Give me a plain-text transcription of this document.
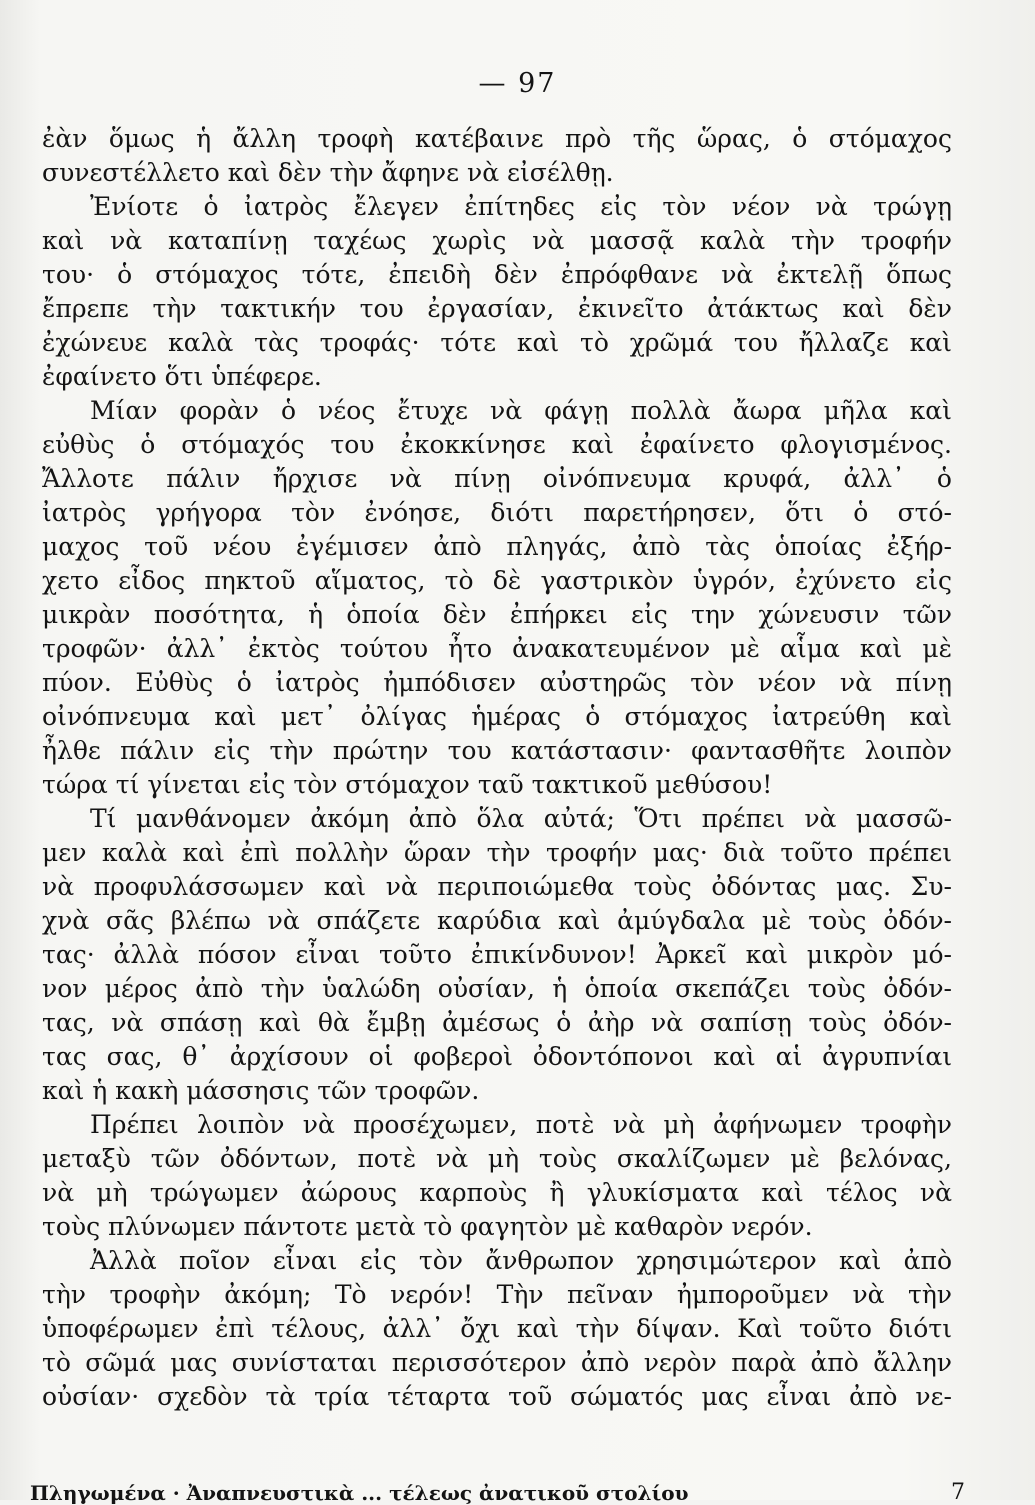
— 97
ἐὰν ὅμως ἡ ἄλλη τροφὴ κατέβαινε πρὸ τῆς ὥρας, ὁ στόμαχος
συνεστέλλετο καὶ δὲν τὴν ἄφηνε νὰ εἰσέλθῃ.
Ἐνίοτε ὁ ἰατρὸς ἔλεγεν ἐπίτηδες εἰς τὸν νέον νὰ τρώγῃ
καὶ νὰ καταπίνῃ ταχέως χωρὶς νὰ μασσᾷ καλὰ τὴν τροφήν
του· ὁ στόμαχος τότε, ἐπειδὴ δὲν ἐπρόφθανε νὰ ἐκτελῇ ὅπως
ἔπρεπε τὴν τακτικήν του ἐργασίαν, ἐκινεῖτο ἀτάκτως καὶ δὲν
ἐχώνευε καλὰ τὰς τροφάς· τότε καὶ τὸ χρῶμά του ἤλλαζε καὶ
ἐφαίνετο ὅτι ὑπέφερε.
Μίαν φορὰν ὁ νέος ἔτυχε νὰ φάγῃ πολλὰ ἄωρα μῆλα καὶ
εὐθὺς ὁ στόμαχός του ἐκοκκίνησε καὶ ἐφαίνετο φλογισμένος.
Ἄλλοτε πάλιν ἤρχισε νὰ πίνῃ οἰνόπνευμα κρυφά, ἀλλ᾽ ὁ
ἰατρὸς γρήγορα τὸν ἐνόησε, διότι παρετήρησεν, ὅτι ὁ στό-
μαχος τοῦ νέου ἐγέμισεν ἀπὸ πληγάς, ἀπὸ τὰς ὁποίας ἐξήρ-
χετο εἶδος πηκτοῦ αἵματος, τὸ δὲ γαστρικὸν ὑγρόν, ἐχύνετο εἰς
μικρὰν ποσότητα, ἡ ὁποία δὲν ἐπήρκει εἰς την χώνευσιν τῶν
τροφῶν· ἀλλ᾽ ἐκτὸς τούτου ἦτο ἀνακατευμένον μὲ αἷμα καὶ μὲ
πύον. Εὐθὺς ὁ ἰατρὸς ἠμπόδισεν αὐστηρῶς τὸν νέον νὰ πίνῃ
οἰνόπνευμα καὶ μετ᾽ ὀλίγας ἡμέρας ὁ στόμαχος ἰατρεύθη καὶ
ἦλθε πάλιν εἰς τὴν πρώτην του κατάστασιν· φαντασθῆτε λοιπὸν
τώρα τί γίνεται εἰς τὸν στόμαχον ταῦ τακτικοῦ μεθύσου!
Τί μανθάνομεν ἀκόμη ἀπὸ ὅλα αὐτά; Ὅτι πρέπει νὰ μασσῶ-
μεν καλὰ καὶ ἐπὶ πολλὴν ὥραν τὴν τροφήν μας· διὰ τοῦτο πρέπει
νὰ προφυλάσσωμεν καὶ νὰ περιποιώμεθα τοὺς ὀδόντας μας. Συ-
χνὰ σᾶς βλέπω νὰ σπάζετε καρύδια καὶ ἀμύγδαλα μὲ τοὺς ὀδόν-
τας· ἀλλὰ πόσον εἶναι τοῦτο ἐπικίνδυνον! Ἀρκεῖ καὶ μικρὸν μό-
νον μέρος ἀπὸ τὴν ὑαλώδη οὐσίαν, ἡ ὁποία σκεπάζει τοὺς ὀδόν-
τας, νὰ σπάσῃ καὶ θὰ ἔμβῃ ἀμέσως ὁ ἀὴρ νὰ σαπίσῃ τοὺς ὀδόν-
τας σας, θ᾽ ἀρχίσουν οἱ φοβεροὶ ὀδοντόπονοι καὶ αἱ ἀγρυπνίαι
καὶ ἡ κακὴ μάσσησις τῶν τροφῶν.
Πρέπει λοιπὸν νὰ προσέχωμεν, ποτὲ νὰ μὴ ἀφήνωμεν τροφὴν
μεταξὺ τῶν ὀδόντων, ποτὲ νὰ μὴ τοὺς σκαλίζωμεν μὲ βελόνας,
νὰ μὴ τρώγωμεν ἀώρους καρποὺς ἢ γλυκίσματα καὶ τέλος νὰ
τοὺς πλύνωμεν πάντοτε μετὰ τὸ φαγητὸν μὲ καθαρὸν νερόν.
Ἀλλὰ ποῖον εἶναι εἰς τὸν ἄνθρωπον χρησιμώτερον καὶ ἀπὸ
τὴν τροφὴν ἀκόμη; Τὸ νερόν! Τὴν πεῖναν ἠμποροῦμεν νὰ τὴν
ὑποφέρωμεν ἐπὶ τέλους, ἀλλ᾽ ὄχι καὶ τὴν δίψαν. Καὶ τοῦτο διότι
τὸ σῶμά μας συνίσταται περισσότερον ἀπὸ νερὸν παρὰ ἀπὸ ἄλλην
οὐσίαν· σχεδὸν τὰ τρία τέταρτα τοῦ σώματός μας εἶναι ἀπὸ νε-
Πληγωμένα · Ἀναπνευστικὰ ... τέλεως ἀνατικοῦ στολίου	7
